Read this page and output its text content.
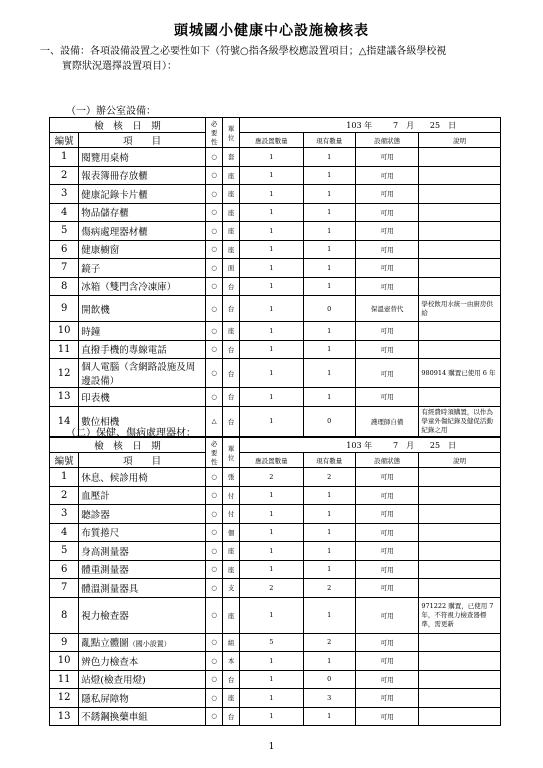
頭城國小健康中心設施檢核表
一、設備：各項設備設置之必要性如下（符號○指各級學校應設置項目；△指建議各級學校視
實際狀況選擇設置項目）：
（一）辦公室設備：
檢　核　日　期		必要性	單位	103 年 7　月 25　日			
編號	項　　目			應設置數量	現有數量	設備狀態	說明
1	閱覽用桌椅	○	套	1	1	可用	
2	報表簿冊存放櫃	○	座	1	1	可用	
3	健康記錄卡片櫃	○	座	1	1	可用	
4	物品儲存櫃	○	座	1	1	可用	
5	傷病處理器材櫃	○	座	1	1	可用	
6	健康櫥窗	○	座	1	1	可用	
7	鏡子	○	面	1	1	可用	
8	冰箱（雙門含冷凍庫）	○	台	1	1	可用	
9	開飲機	○	台	1	0	保溫壺替代	學校飲用水統一由廚房供給
10	時鐘	○	座	1	1	可用	
11	直撥手機的專線電話	○	台	1	1	可用	
12	個人電腦（含網路設施及周邊設備）	○	台	1	1	可用	980914 購置已使用 6 年
13	印表機	○	台	1	1	可用	
14	數位相機	△	台	1	0	護理師自備	有經費時須購置，以作為學童外傷紀錄及健促活動紀錄之用
（二）保健、傷病處理器材：
檢　核　日　期		必要性	單位	103 年 7　月 25　日			
編號	項　　目			應設置數量	現有數量	設備狀態	說明
1	休息、候診用椅	○	張	2	2	可用	
2	血壓計	○	付	1	1	可用	
3	聽診器	○	付	1	1	可用	
4	布質捲尺	○	個	1	1	可用	
5	身高測量器	○	座	1	1	可用	
6	體重測量器	○	座	1	1	可用	
7	體溫測量器具	○	支	2	2	可用	
8	視力檢查器	○	座	1	1	可用	971222 購置，已使用 7 年，不符視力檢查器標準，需更新
9	亂點立體圖（國小設置）	○	組	5	2	可用	
10	辨色力檢查本	○	本	1	1	可用	
11	站燈(檢查用燈)	○	台	1	0	可用	
12	隱私屏障物	○	座	1	3	可用	
13	不銹鋼換藥車組	○	台	1	1	可用	
1
